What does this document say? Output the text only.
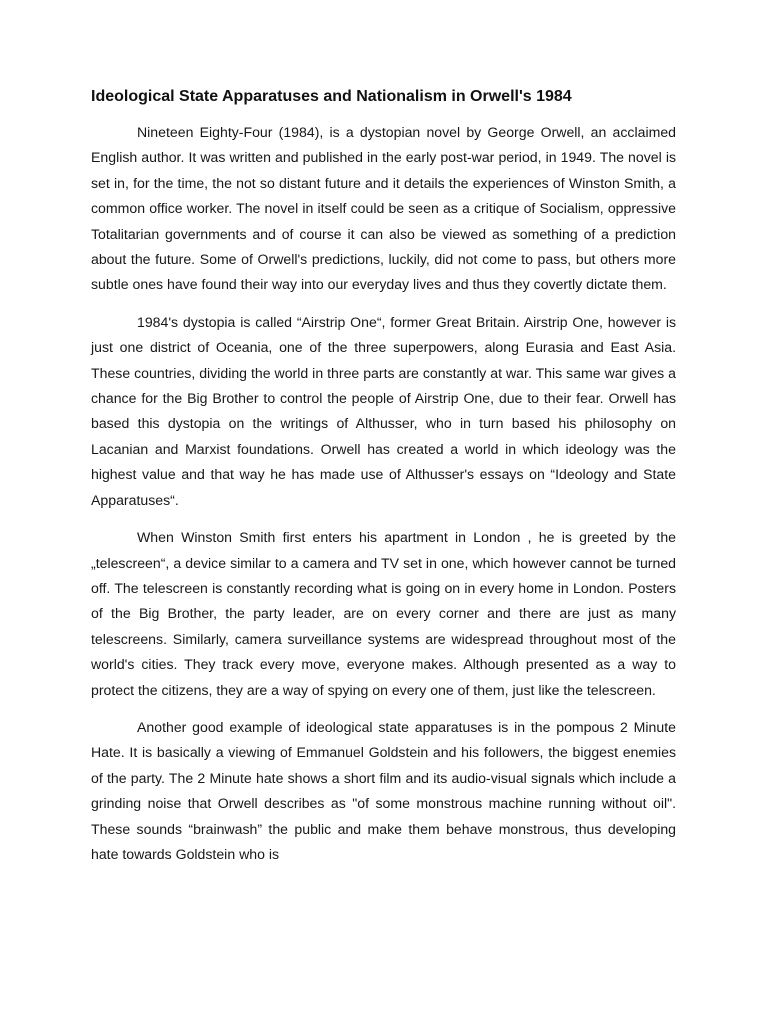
Ideological State Apparatuses and Nationalism in Orwell's 1984

Nineteen Eighty-Four (1984), is a dystopian novel by George Orwell, an acclaimed English author. It was written and published in the early post-war period, in 1949. The novel is set in, for the time, the not so distant future and it details the experiences of Winston Smith, a common office worker. The novel in itself could be seen as a critique of Socialism, oppressive Totalitarian governments and of course it can also be viewed as something of a prediction about the future. Some of Orwell's predictions, luckily, did not come to pass, but others more subtle ones have found their way into our everyday lives and thus they covertly dictate them.

1984's dystopia is called “Airstrip One“, former Great Britain. Airstrip One, however is just one district of Oceania, one of the three superpowers, along Eurasia and East Asia. These countries, dividing the world in three parts are constantly at war. This same war gives a chance for the Big Brother to control the people of Airstrip One, due to their fear. Orwell has based this dystopia on the writings of Althusser, who in turn based his philosophy on Lacanian and Marxist foundations. Orwell has created a world in which ideology was the highest value and that way he has made use of Althusser's essays on “Ideology and State Apparatuses“.

When Winston Smith first enters his apartment in London , he is greeted by the „telescreen“, a device similar to a camera and TV set in one, which however cannot be turned off. The telescreen is constantly recording what is going on in every home in London. Posters of the Big Brother, the party leader, are on every corner and there are just as many telescreens. Similarly, camera surveillance systems are widespread throughout most of the world's cities. They track every move, everyone makes. Although presented as a way to protect the citizens, they are a way of spying on every one of them, just like the telescreen.

Another good example of ideological state apparatuses is in the pompous 2 Minute Hate. It is basically a viewing of Emmanuel Goldstein and his followers, the biggest enemies of the party. The 2 Minute hate shows a short film and its audio-visual signals which include a grinding noise that Orwell describes as "of some monstrous machine running without oil". These sounds “brainwash” the public and make them behave monstrous, thus developing hate towards Goldstein who is
